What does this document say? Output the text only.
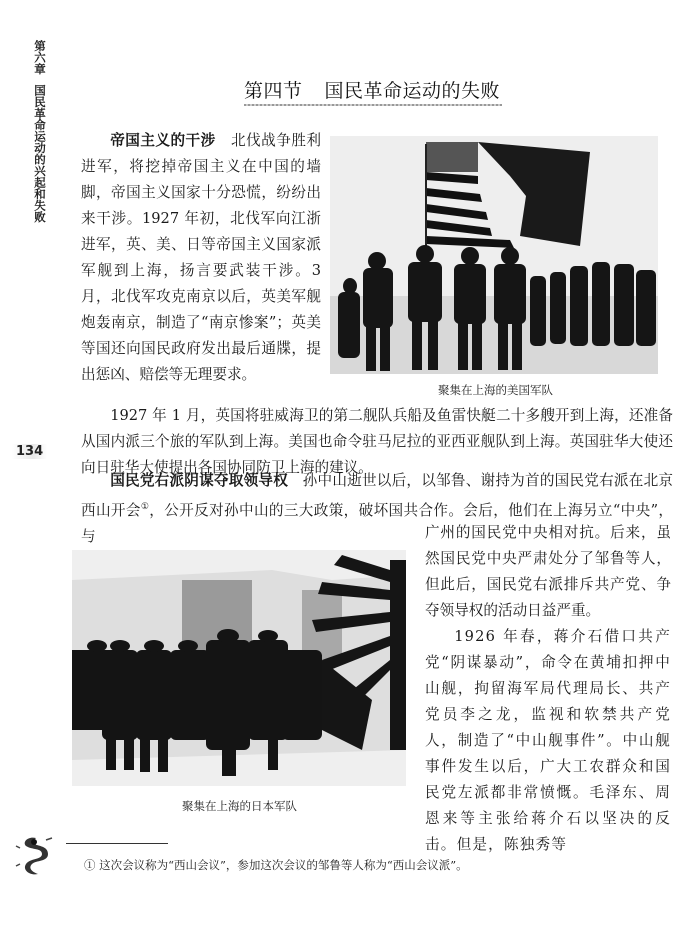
第六章国民革命运动的兴起和失败
134
第四节 国民革命运动的失败
帝国主义的干涉 北伐战争胜利进军，将挖掉帝国主义在中国的墙脚，帝国主义国家十分恐慌，纷纷出来干涉。1927 年初，北伐军向江浙进军，英、美、日等帝国主义国家派军舰到上海，扬言要武装干涉。3 月，北伐军攻克南京以后，英美军舰炮轰南京，制造了“南京惨案”；英美等国还向国民政府发出最后通牒，提出惩凶、赔偿等无理要求。
聚集在上海的美国军队
1927 年 1 月，英国将驻威海卫的第二舰队兵船及鱼雷快艇二十多艘开到上海，还准备从国内派三个旅的军队到上海。美国也命令驻马尼拉的亚西亚舰队到上海。英国驻华大使还向日驻华大使提出各国协同防卫上海的建议。
国民党右派阴谋夺取领导权 孙中山逝世以后，以邹鲁、谢持为首的国民党右派在北京西山开会①，公开反对孙中山的三大政策，破坏国共合作。会后，他们在上海另立“中央”，与	广州的国民党中央相对抗。后来，虽然国民党中央严肃处分了邹鲁等人，但此后，国民党右派排斥共产党、争夺领导权的活动日益严重。
聚集在上海的日本军队
1926 年春，蒋介石借口共产党“阴谋暴动”，命令在黄埔扣押中山舰，拘留海军局代理局长、共产党员李之龙，监视和软禁共产党人，制造了“中山舰事件”。中山舰事件发生以后，广大工农群众和国民党左派都非常愤慨。毛泽东、周恩来等主张给蒋介石以坚决的反击。但是，陈独秀等
① 这次会议称为“西山会议”，参加这次会议的邹鲁等人称为“西山会议派”。
